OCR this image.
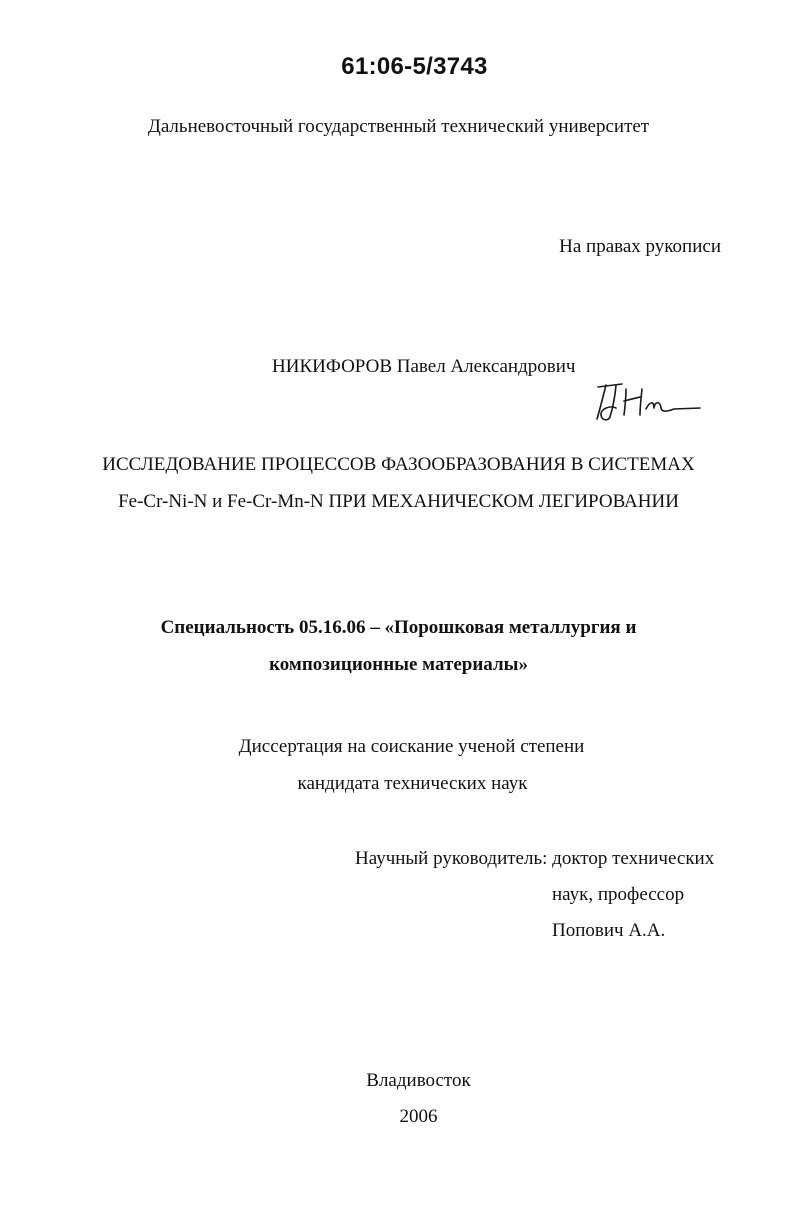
61:06-5/3743
Дальневосточный государственный технический университет
На правах рукописи
НИКИФОРОВ Павел Александрович
ИССЛЕДОВАНИЕ ПРОЦЕССОВ ФАЗООБРАЗОВАНИЯ В СИСТЕМАХ
Fe-Cr-Ni-N и Fe-Cr-Mn-N ПРИ МЕХАНИЧЕСКОМ ЛЕГИРОВАНИИ
Специальность 05.16.06 – «Порошковая металлургия и
композиционные материалы»
Диссертация на соискание ученой степени
кандидата технических наук
Научный руководитель: доктор технических
наук, профессор
Попович А.А.
Владивосток
2006
